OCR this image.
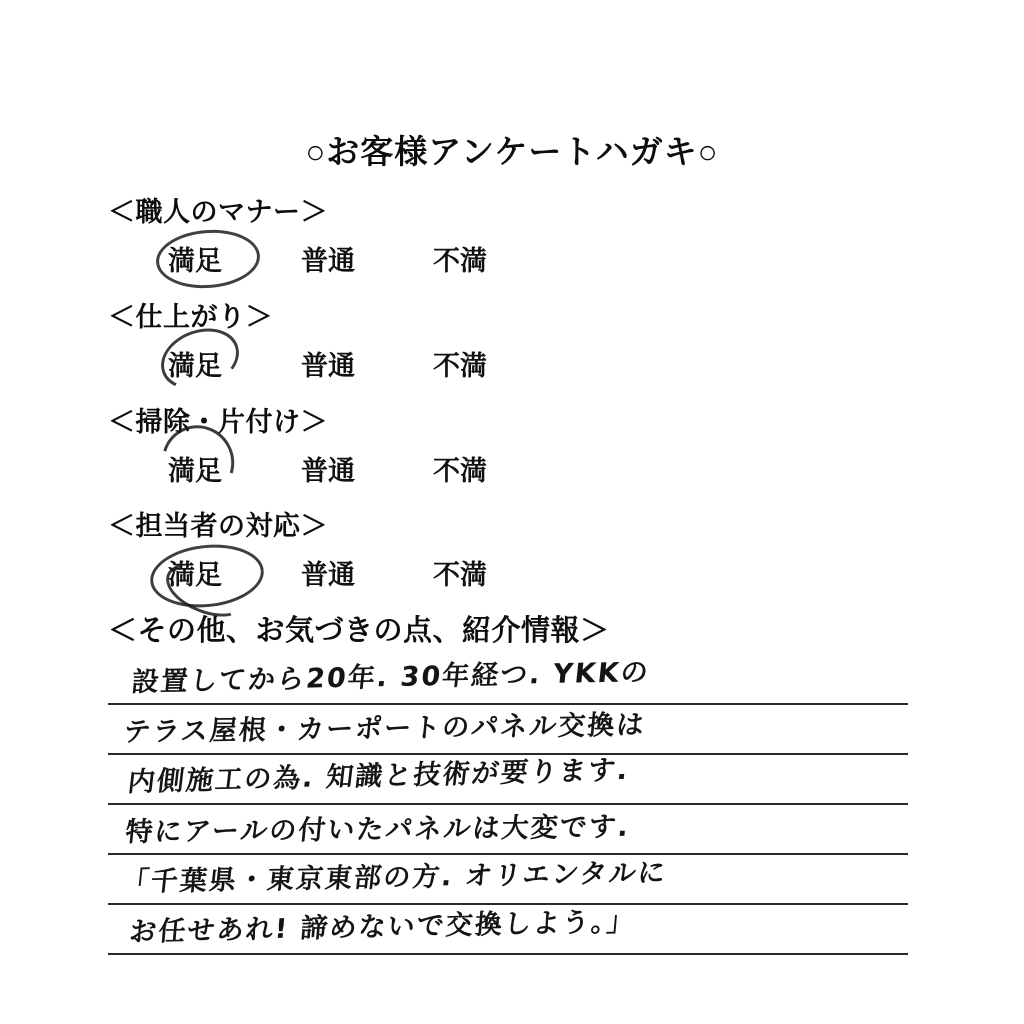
○お客様アンケートハガキ○
＜職人のマナー＞
満足	普通	不満
＜仕上がり＞
満足	普通	不満
＜掃除・片付け＞
満足	普通	不満
＜担当者の対応＞
満足	普通	不満
＜その他、お気づきの点、紹介情報＞
設置してから20年. 30年経つ. YKKの
テラス屋根・カーポートのパネル交換は
内側施工の為. 知識と技術が要ります.
特にアールの付いたパネルは大変です.
「千葉県・東京東部の方. オリエンタルに
お任せあれ! 諦めないで交換しよう。」
